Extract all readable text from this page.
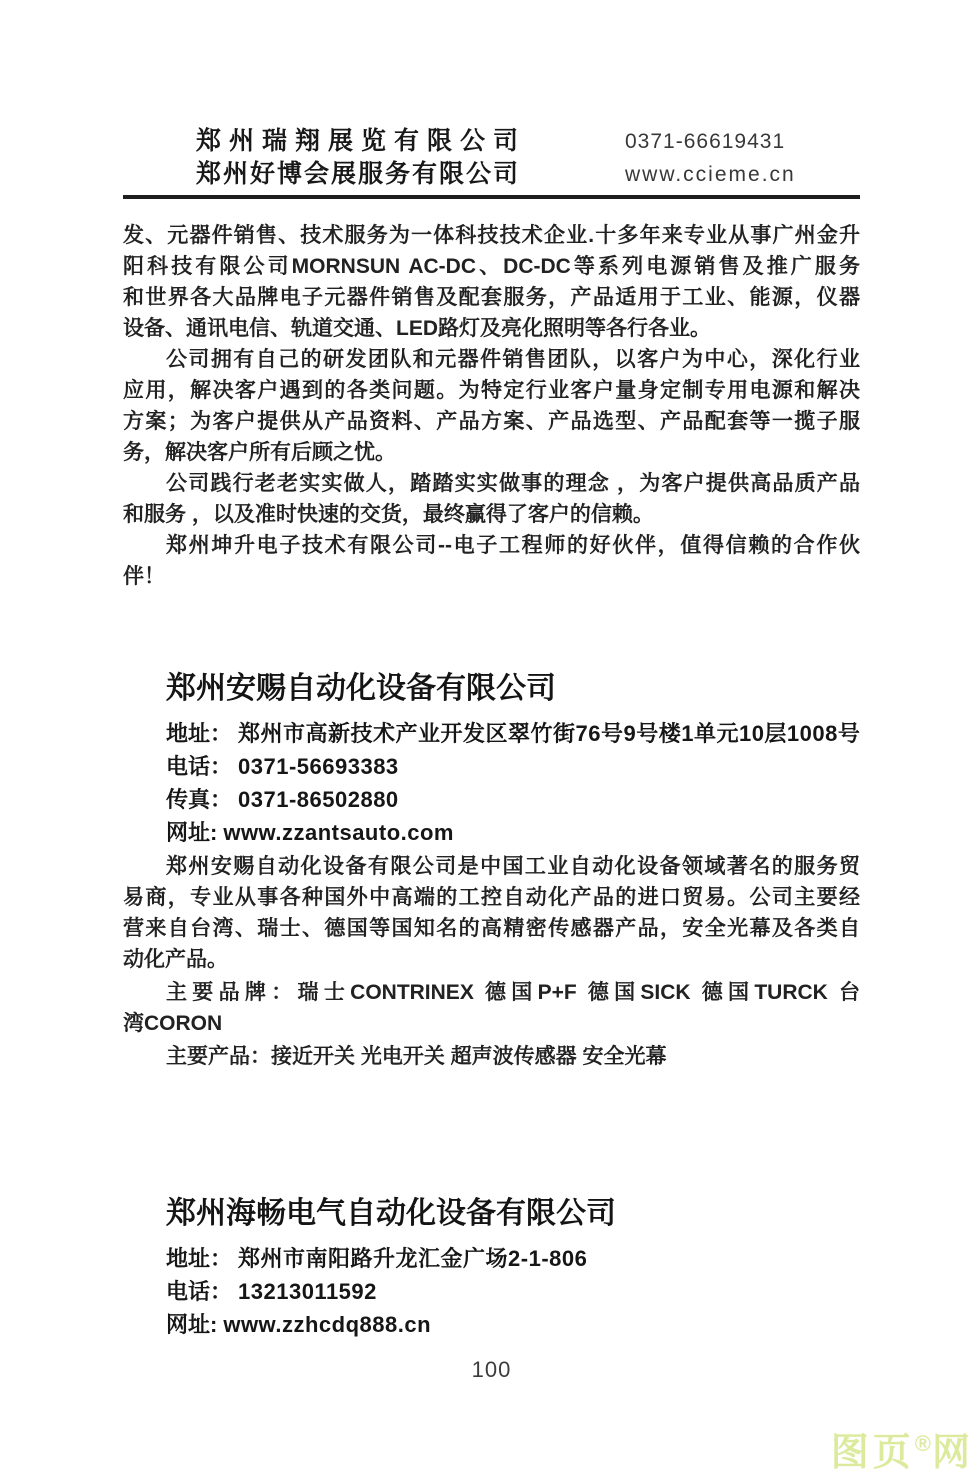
郑州瑞翔展览有限公司
郑州好博会展服务有限公司
0371-66619431
www.ccieme.cn
发、元器件销售、技术服务为一体科技技术企业.十多年来专业从事广州金升
阳科技有限公司MORNSUN AC-DC、DC-DC等系列电源销售及推广服务
和世界各大品牌电子元器件销售及配套服务，产品适用于工业、能源，仪器
设备、通讯电信、轨道交通、LED路灯及亮化照明等各行各业。
公司拥有自己的研发团队和元器件销售团队，以客户为中心，深化行业
应用，解决客户遇到的各类问题。为特定行业客户量身定制专用电源和解决
方案；为客户提供从产品资料、产品方案、产品选型、产品配套等一揽子服
务，解决客户所有后顾之忧。
公司践行老老实实做人，踏踏实实做事的理念 ，为客户提供高品质产品
和服务 ，以及准时快速的交货，最终赢得了客户的信赖。
郑州坤升电子技术有限公司--电子工程师的好伙伴，值得信赖的合作伙
伴！
郑州安赐自动化设备有限公司
地址： 郑州市高新技术产业开发区翠竹街76号9号楼1单元10层1008号
电话： 0371-56693383
传真： 0371-86502880
网址: www.zzantsauto.com
郑州安赐自动化设备有限公司是中国工业自动化设备领域著名的服务贸
易商，专业从事各种国外中高端的工控自动化产品的进口贸易。公司主要经
营来自台湾、瑞士、德国等国知名的高精密传感器产品，安全光幕及各类自
动化产品。
主要品牌：瑞士CONTRINEX 德国P+F 德国SICK 德国TURCK 台
湾CORON
主要产品：接近开关 光电开关 超声波传感器 安全光幕
郑州海畅电气自动化设备有限公司
地址： 郑州市南阳路升龙汇金广场2-1-806
电话： 13213011592
网址: www.zzhcdq888.cn
100
图页®网
